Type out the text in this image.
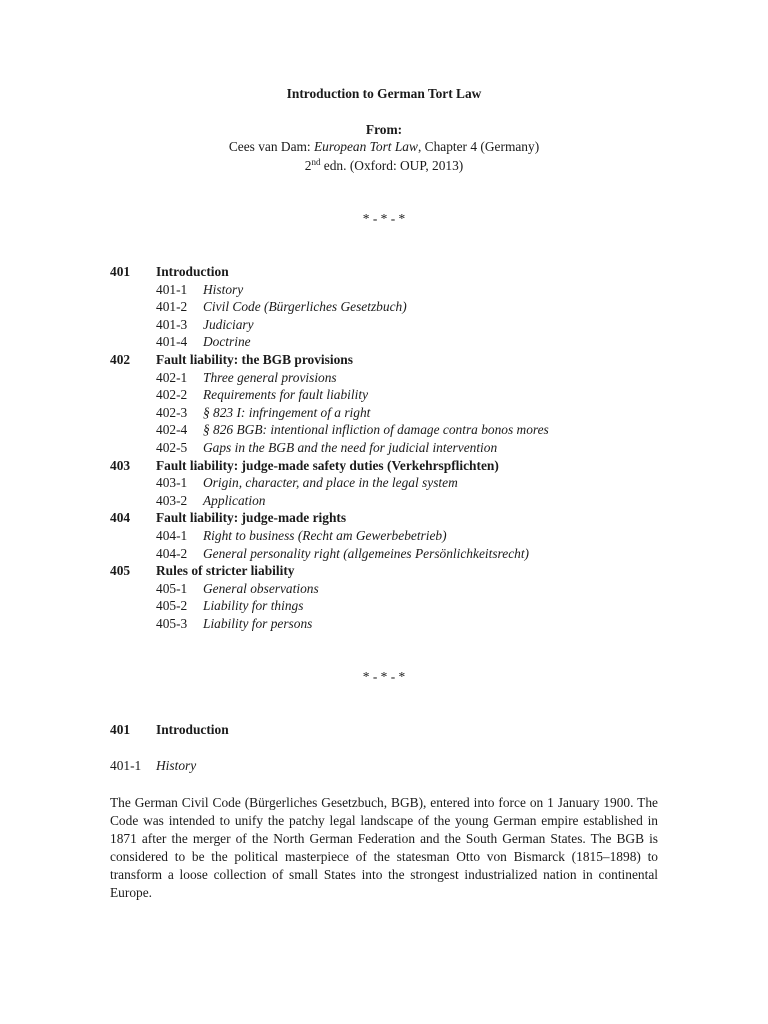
Introduction to German Tort Law
From:
Cees van Dam: European Tort Law, Chapter 4 (Germany)
2nd edn. (Oxford: OUP, 2013)
* - * - *
401 Introduction
401-1 History
401-2 Civil Code (Bürgerliches Gesetzbuch)
401-3 Judiciary
401-4 Doctrine
402 Fault liability: the BGB provisions
402-1 Three general provisions
402-2 Requirements for fault liability
402-3 § 823 I: infringement of a right
402-4 § 826 BGB: intentional infliction of damage contra bonos mores
402-5 Gaps in the BGB and the need for judicial intervention
403 Fault liability: judge-made safety duties (Verkehrspflichten)
403-1 Origin, character, and place in the legal system
403-2 Application
404 Fault liability: judge-made rights
404-1 Right to business (Recht am Gewerbebetrieb)
404-2 General personality right (allgemeines Persönlichkeitsrecht)
405 Rules of stricter liability
405-1 General observations
405-2 Liability for things
405-3 Liability for persons
* - * - *
401 Introduction
401-1 History
The German Civil Code (Bürgerliches Gesetzbuch, BGB), entered into force on 1 January 1900. The Code was intended to unify the patchy legal landscape of the young German empire established in 1871 after the merger of the North German Federation and the South German States. The BGB is considered to be the political masterpiece of the statesman Otto von Bismarck (1815–1898) to transform a loose collection of small States into the strongest industrialized nation in continental Europe.
